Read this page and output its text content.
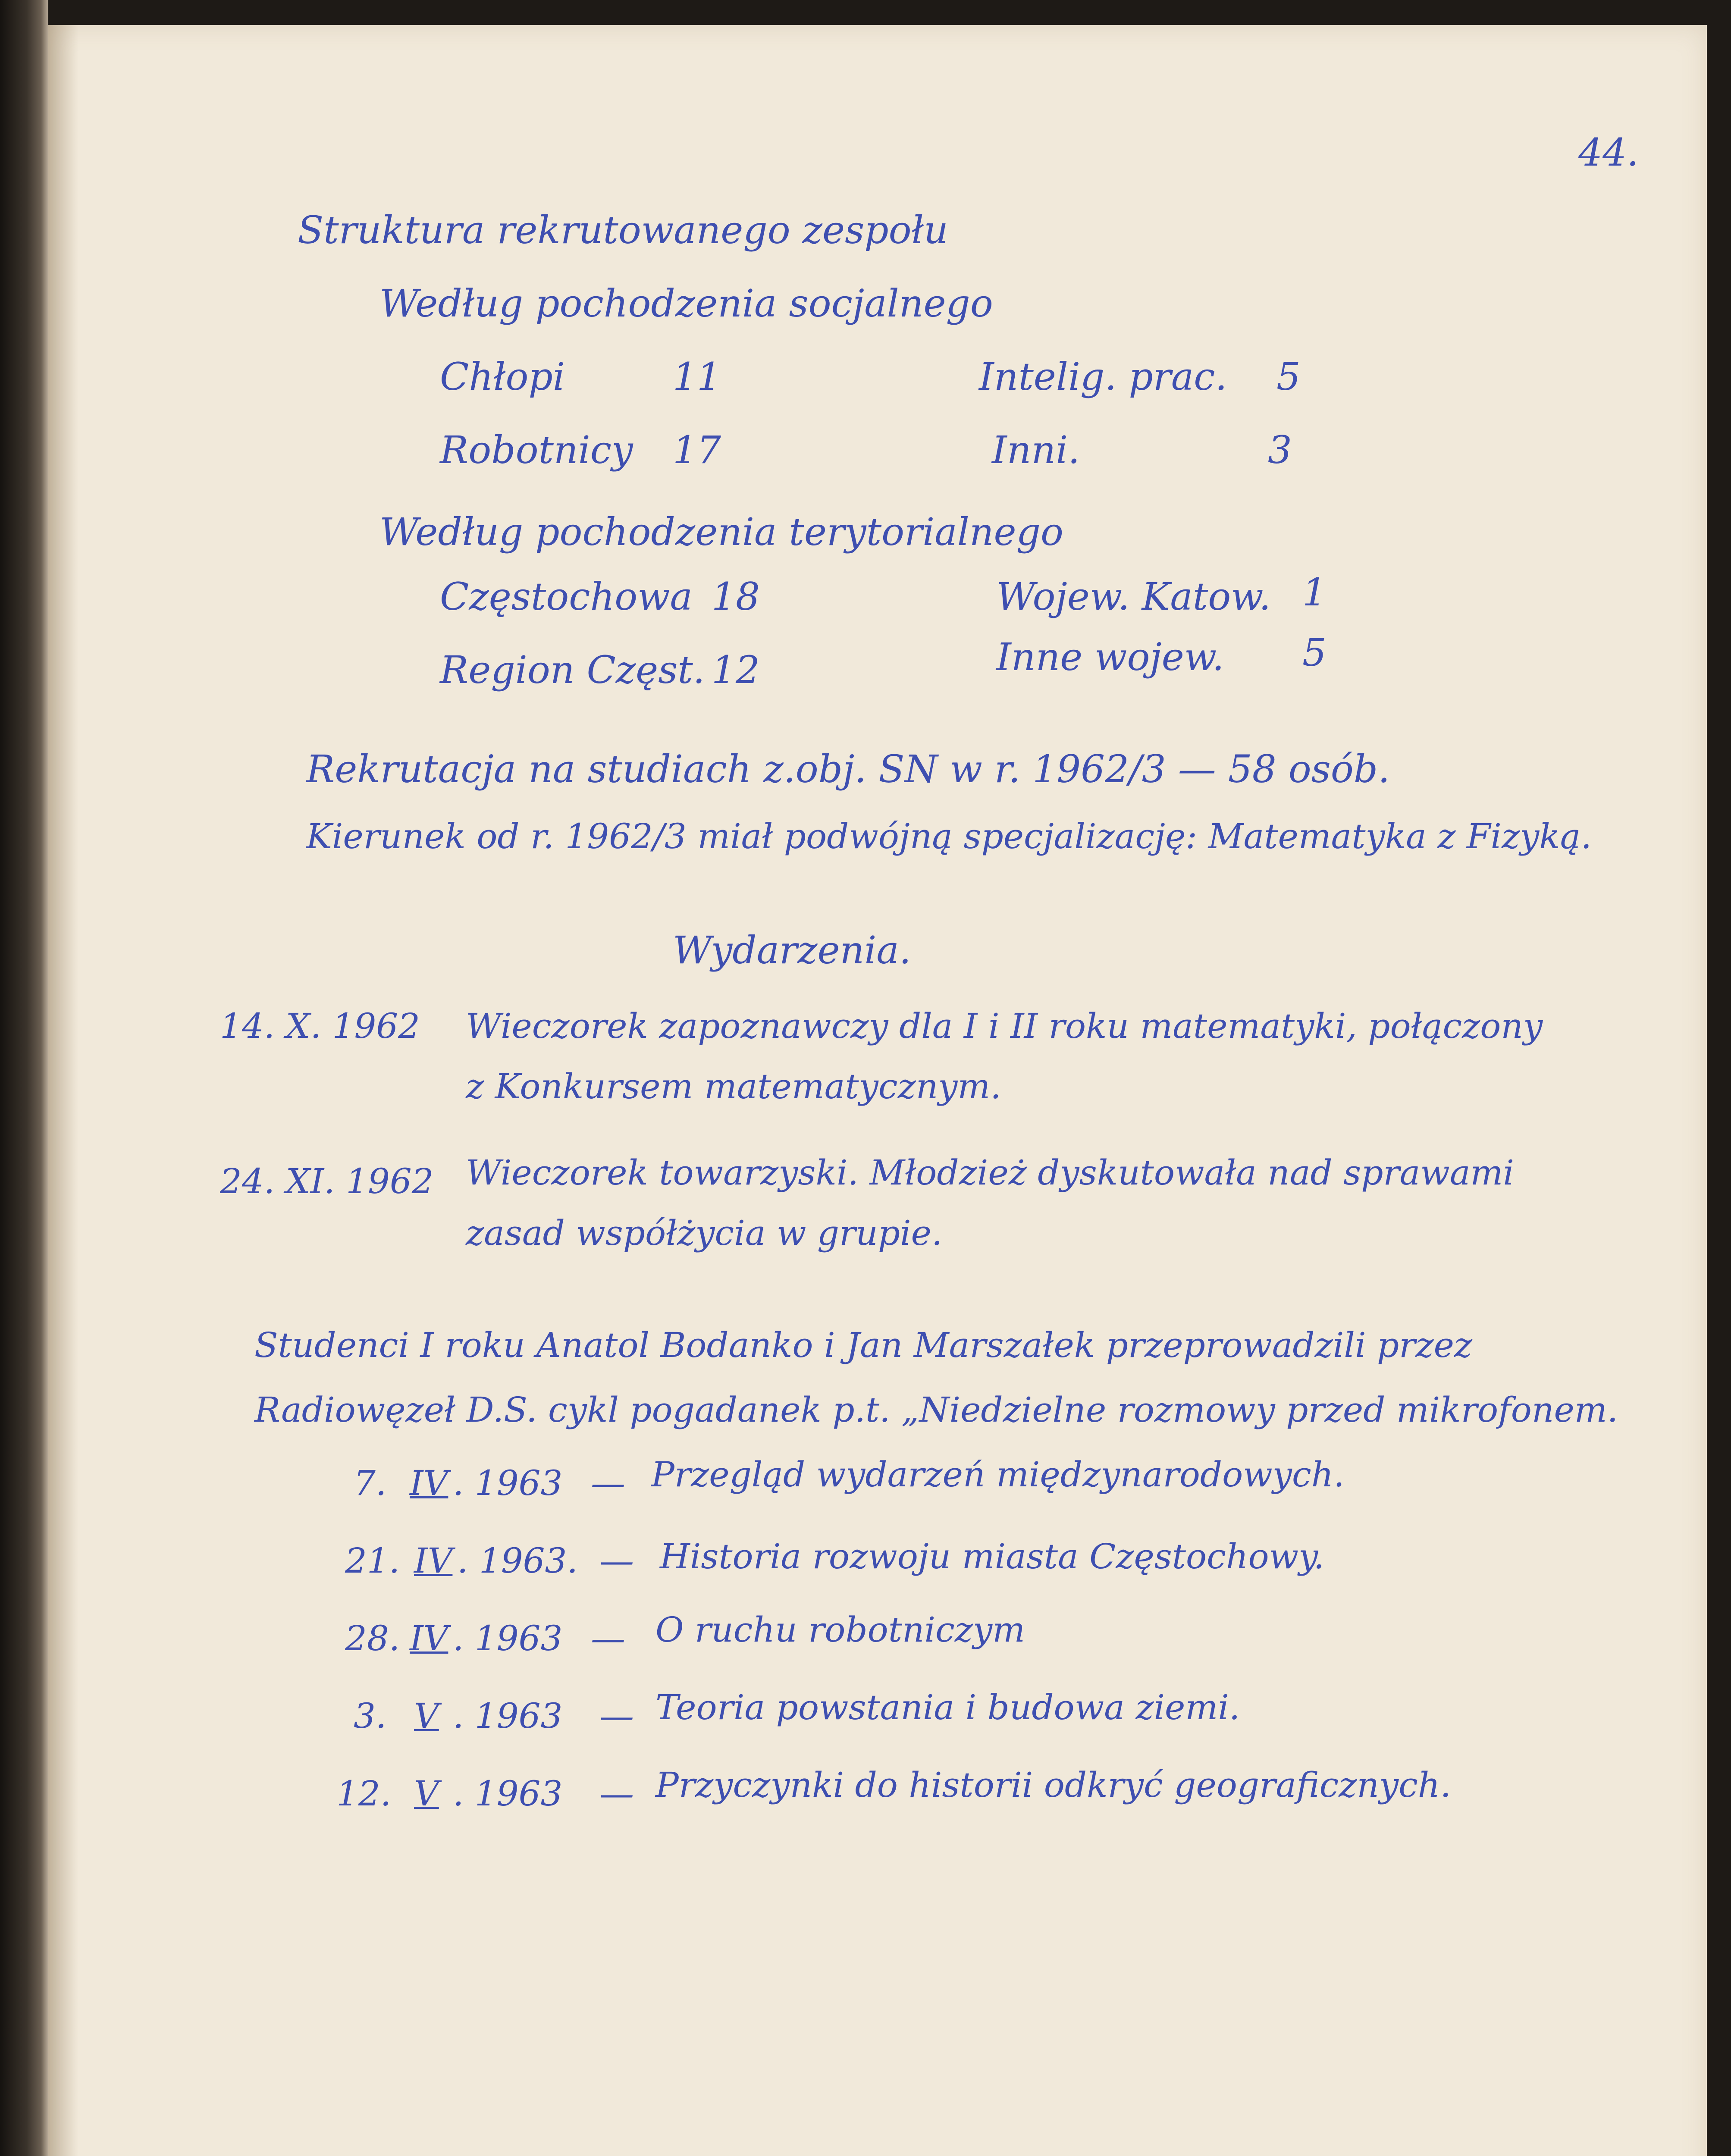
44.
Struktura rekrutowanego zespołu
Według pochodzenia socjalnego
Chłopi	11	Intelig. prac. 5
Robotnicy 17	Inni.	3
Według pochodzenia terytorialnego
Częstochowa 18	Wojew. Katow. 1
Region Częst. 12	Inne wojew. 5
Rekrutacja na studiach z.obj. SN w r. 1962/3 — 58 osób.
Kierunek od r. 1962/3 miał podwójną specjalizację: Matematyka z Fizyką.
Wydarzenia.
14. X. 1962 Wieczorek zapoznawczy dla I i II roku matematyki, połączony
z Konkursem matematycznym.
24. XI. 1962 Wieczorek towarzyski. Młodzież dyskutowała nad sprawami
zasad współżycia w grupie.
Studenci I roku Anatol Bodanko i Jan Marszałek przeprowadzili przez
Radiowęzeł D.S. cykl pogadanek p.t. „Niedzielne rozmowy przed mikrofonem.
7. IV . 1963 — Przegląd wydarzeń międzynarodowych.
21. IV . 1963. — Historia rozwoju miasta Częstochowy.
28. IV . 1963 — O ruchu robotniczym
3. V . 1963 — Teoria powstania i budowa ziemi.
12. V . 1963 — Przyczynki do historii odkryć geograficznych.
